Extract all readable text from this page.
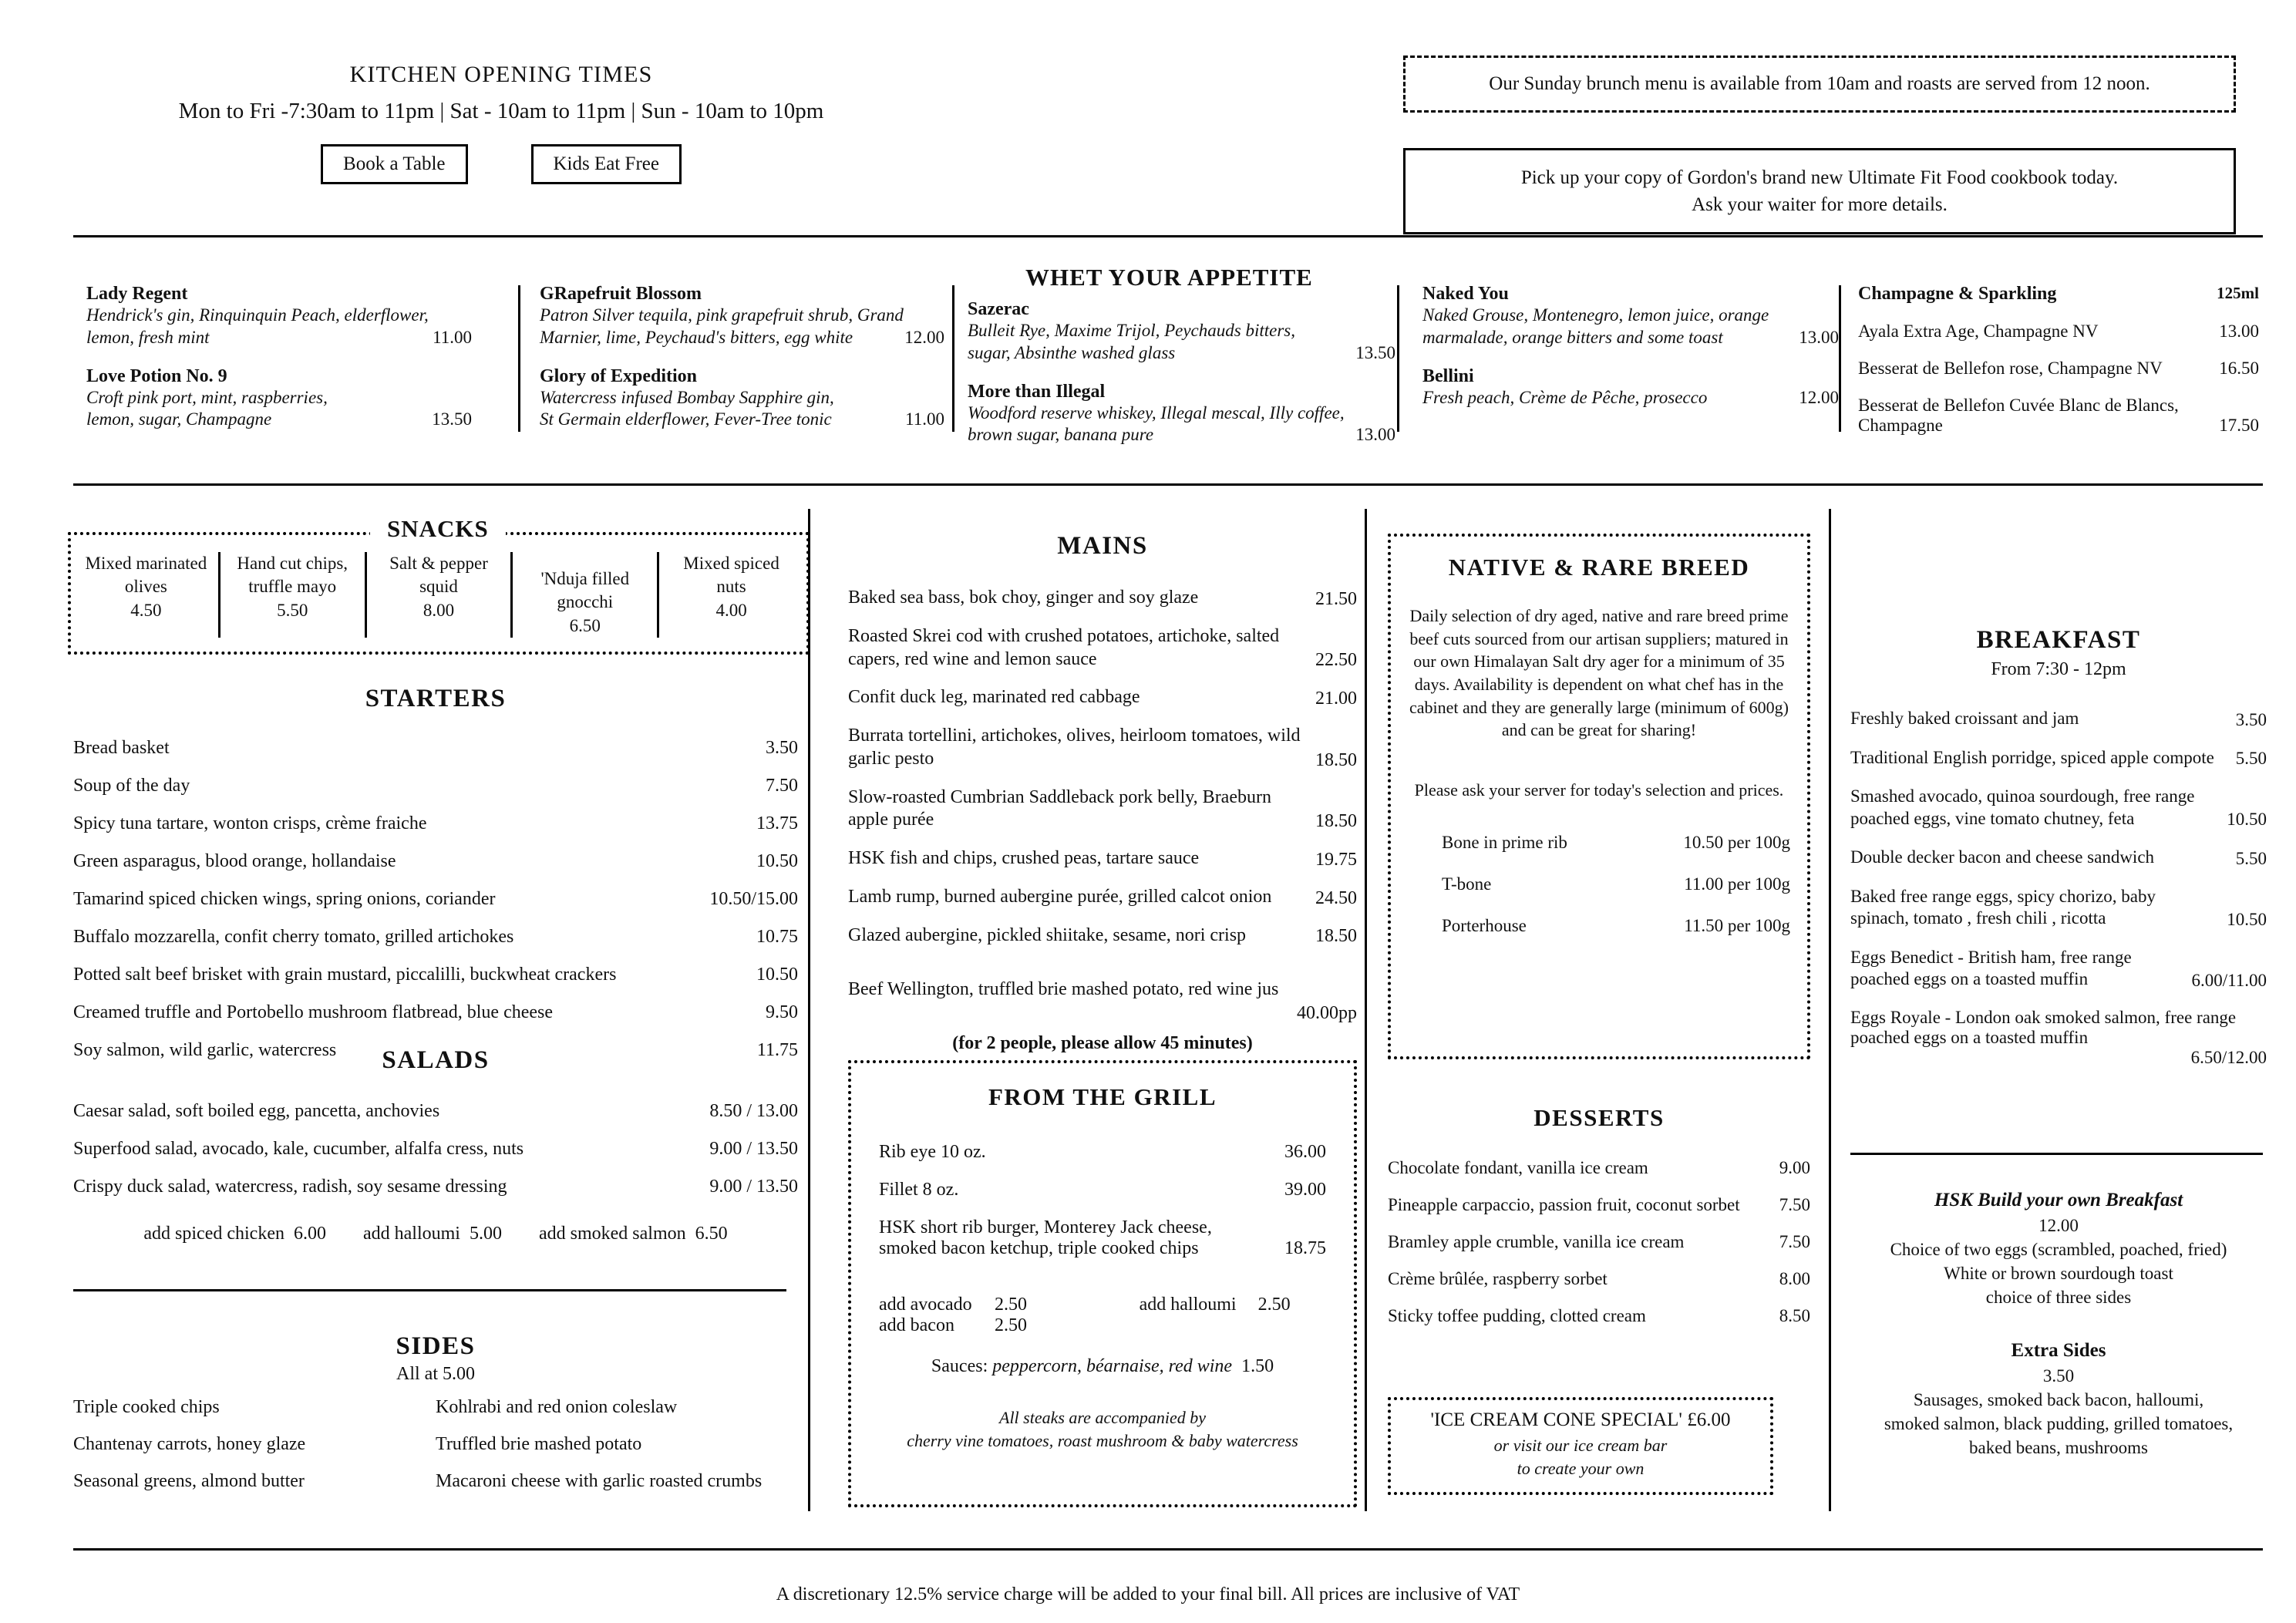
KITCHEN OPENING TIMES
Mon to Fri -7:30am to 11pm | Sat - 10am to 11pm | Sun - 10am to 10pm
Book a Table	Kids Eat Free
Our Sunday brunch menu is available from 10am and roasts are served from 12 noon.
Pick up your copy of Gordon's brand new Ultimate Fit Food cookbook today.
Ask your waiter for more details.
WHET YOUR APPETITE
Lady Regent
Hendrick's gin, Rinquinquin Peach, elderflower,
lemon, fresh mint	11.00
Love Potion No. 9
Croft pink port, mint, raspberries,
lemon, sugar, Champagne	13.50
GRapefruit Blossom
Patron Silver tequila, pink grapefruit shrub, Grand
Marnier, lime, Peychaud's bitters, egg white	12.00
Glory of Expedition
Watercress infused Bombay Sapphire gin,
St Germain elderflower, Fever-Tree tonic	11.00
Sazerac
Bulleit Rye, Maxime Trijol, Peychauds bitters,
sugar, Absinthe washed glass	13.50
More than Illegal
Woodford reserve whiskey, Illegal mescal, Illy coffee,
brown sugar, banana pure	13.00
Naked You
Naked Grouse, Montenegro, lemon juice, orange
marmalade, orange bitters and some toast	13.00
Bellini
Fresh peach, Crème de Pêche, prosecco	12.00
Champagne & Sparkling	125ml
Ayala Extra Age, Champagne NV	13.00
Besserat de Bellefon rose, Champagne NV	16.50
Besserat de Bellefon Cuvée Blanc de Blancs, Champagne	17.50
Mixed marinated
olives
4.50
Hand cut chips,
truffle mayo
5.50
Salt & pepper
squid
8.00
'Nduja filled
gnocchi
6.50
Mixed spiced
nuts
4.00
SNACKS
STARTERS
Bread basket	3.50
Soup of the day	7.50
Spicy tuna tartare, wonton crisps, crème fraiche	13.75
Green asparagus, blood orange, hollandaise	10.50
Tamarind spiced chicken wings, spring onions, coriander	10.50/15.00
Buffalo mozzarella, confit cherry tomato, grilled artichokes	10.75
Potted salt beef brisket with grain mustard, piccalilli, buckwheat crackers	10.50
Creamed truffle and Portobello mushroom flatbread, blue cheese	9.50
Soy salmon, wild garlic, watercress	11.75
SALADS
Caesar salad, soft boiled egg, pancetta, anchovies	8.50 / 13.00
Superfood salad, avocado, kale, cucumber, alfalfa cress, nuts	9.00 / 13.50
Crispy duck salad, watercress, radish, soy sesame dressing	9.00 / 13.50
add spiced chicken 6.00 add halloumi 5.00 add smoked salmon 6.50
SIDES
All at 5.00
Triple cooked chips
Chantenay carrots, honey glaze
Seasonal greens, almond butter
Kohlrabi and red onion coleslaw
Truffled brie mashed potato
Macaroni cheese with garlic roasted crumbs
MAINS
Baked sea bass, bok choy, ginger and soy glaze	21.50
Roasted Skrei cod with crushed potatoes, artichoke, salted capers, red wine and lemon sauce	22.50
Confit duck leg, marinated red cabbage	21.00
Burrata tortellini, artichokes, olives, heirloom tomatoes, wild garlic pesto	18.50
Slow-roasted Cumbrian Saddleback pork belly, Braeburn apple purée	18.50
HSK fish and chips, crushed peas, tartare sauce	19.75
Lamb rump, burned aubergine purée, grilled calcot onion	24.50
Glazed aubergine, pickled shiitake, sesame, nori crisp	18.50
Beef Wellington, truffled brie mashed potato, red wine jus
40.00pp
(for 2 people, please allow 45 minutes)
FROM THE GRILL
Rib eye 10 oz.	36.00
Fillet 8 oz.	39.00
HSK short rib burger, Monterey Jack cheese, smoked bacon ketchup, triple cooked chips	18.75
add avocado	2.50	add halloumi 2.50
add bacon	2.50
Sauces: peppercorn, béarnaise, red wine 1.50
All steaks are accompanied by
cherry vine tomatoes, roast mushroom & baby watercress
NATIVE & RARE BREED
Daily selection of dry aged, native and rare breed prime beef cuts sourced from our artisan suppliers; matured in our own Himalayan Salt dry ager for a minimum of 35 days. Availability is dependent on what chef has in the cabinet and they are generally large (minimum of 600g) and can be great for sharing!
Please ask your server for today's selection and prices.
Bone in prime rib	10.50 per 100g
T-bone	11.00 per 100g
Porterhouse	11.50 per 100g
DESSERTS
Chocolate fondant, vanilla ice cream	9.00
Pineapple carpaccio, passion fruit, coconut sorbet	7.50
Bramley apple crumble, vanilla ice cream	7.50
Crème brûlée, raspberry sorbet	8.00
Sticky toffee pudding, clotted cream	8.50
'ICE CREAM CONE SPECIAL' £6.00
or visit our ice cream bar
to create your own
BREAKFAST
From 7:30 - 12pm
Freshly baked croissant and jam	3.50
Traditional English porridge, spiced apple compote	5.50
Smashed avocado, quinoa sourdough, free range poached eggs, vine tomato chutney, feta	10.50
Double decker bacon and cheese sandwich	5.50
Baked free range eggs, spicy chorizo, baby spinach, tomato , fresh chili , ricotta	10.50
Eggs Benedict - British ham, free range poached eggs on a toasted muffin	6.00/11.00
Eggs Royale - London oak smoked salmon, free range poached eggs on a toasted muffin
6.50/12.00
HSK Build your own Breakfast
12.00
Choice of two eggs (scrambled, poached, fried)
White or brown sourdough toast
choice of three sides
Extra Sides
3.50
Sausages, smoked back bacon, halloumi,
smoked salmon, black pudding, grilled tomatoes,
baked beans, mushrooms
A discretionary 12.5% service charge will be added to your final bill. All prices are inclusive of VAT
